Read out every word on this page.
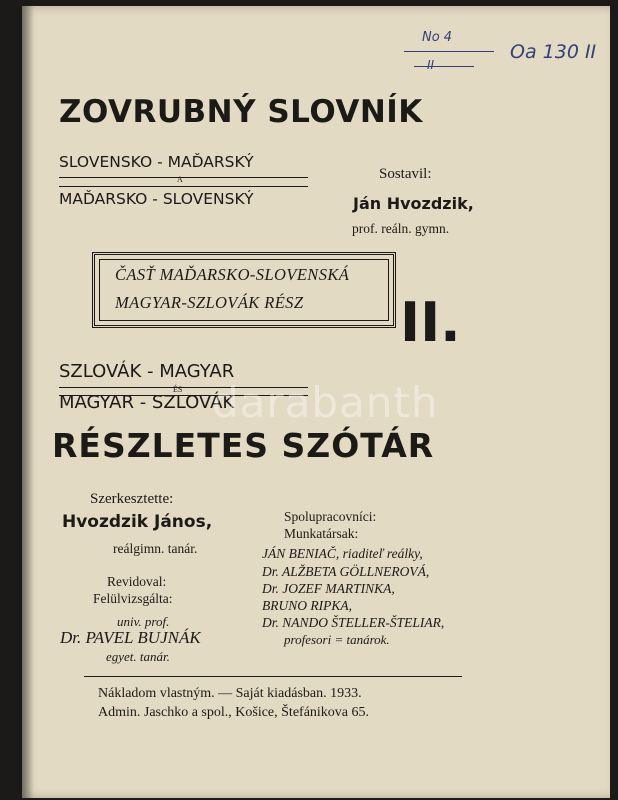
No 4
II
Oa 130 II
ZOVRUBNÝ SLOVNÍK
SLOVENSKO - MAĎARSKÝ
A
MAĎARSKO - SLOVENSKÝ
Sostavil:
Ján Hvozdzik,
prof. reáln. gymn.
ČASŤ MAĎARSKO-SLOVENSKÁ
MAGYAR-SZLOVÁK RÉSZ II.
SZLOVÁK - MAGYAR
ÉS
MAGYAR - SZLOVÁK
RÉSZLETES SZÓTÁR
Szerkesztette:
Hvozdzik János,
reálgimn. tanár.
Revidoval:
Felülvizsgálta:
univ. prof.
Dr. PAVEL BUJNÁK
egyet. tanár.
Spolupracovníci:
Munkatársak:
JÁN BENIAČ, riaditeľ reálky,
Dr. ALŽBETA GÖLLNEROVÁ,
Dr. JOZEF MARTINKA,
BRUNO RIPKA,
Dr. NANDO ŠTELLER-ŠTELIAR,
profesori = tanárok.
Nákladom vlastným. — Saját kiadásban. 1933.
Admin. Jaschko a spol., Košice, Štefánikova 65.
darabanth
